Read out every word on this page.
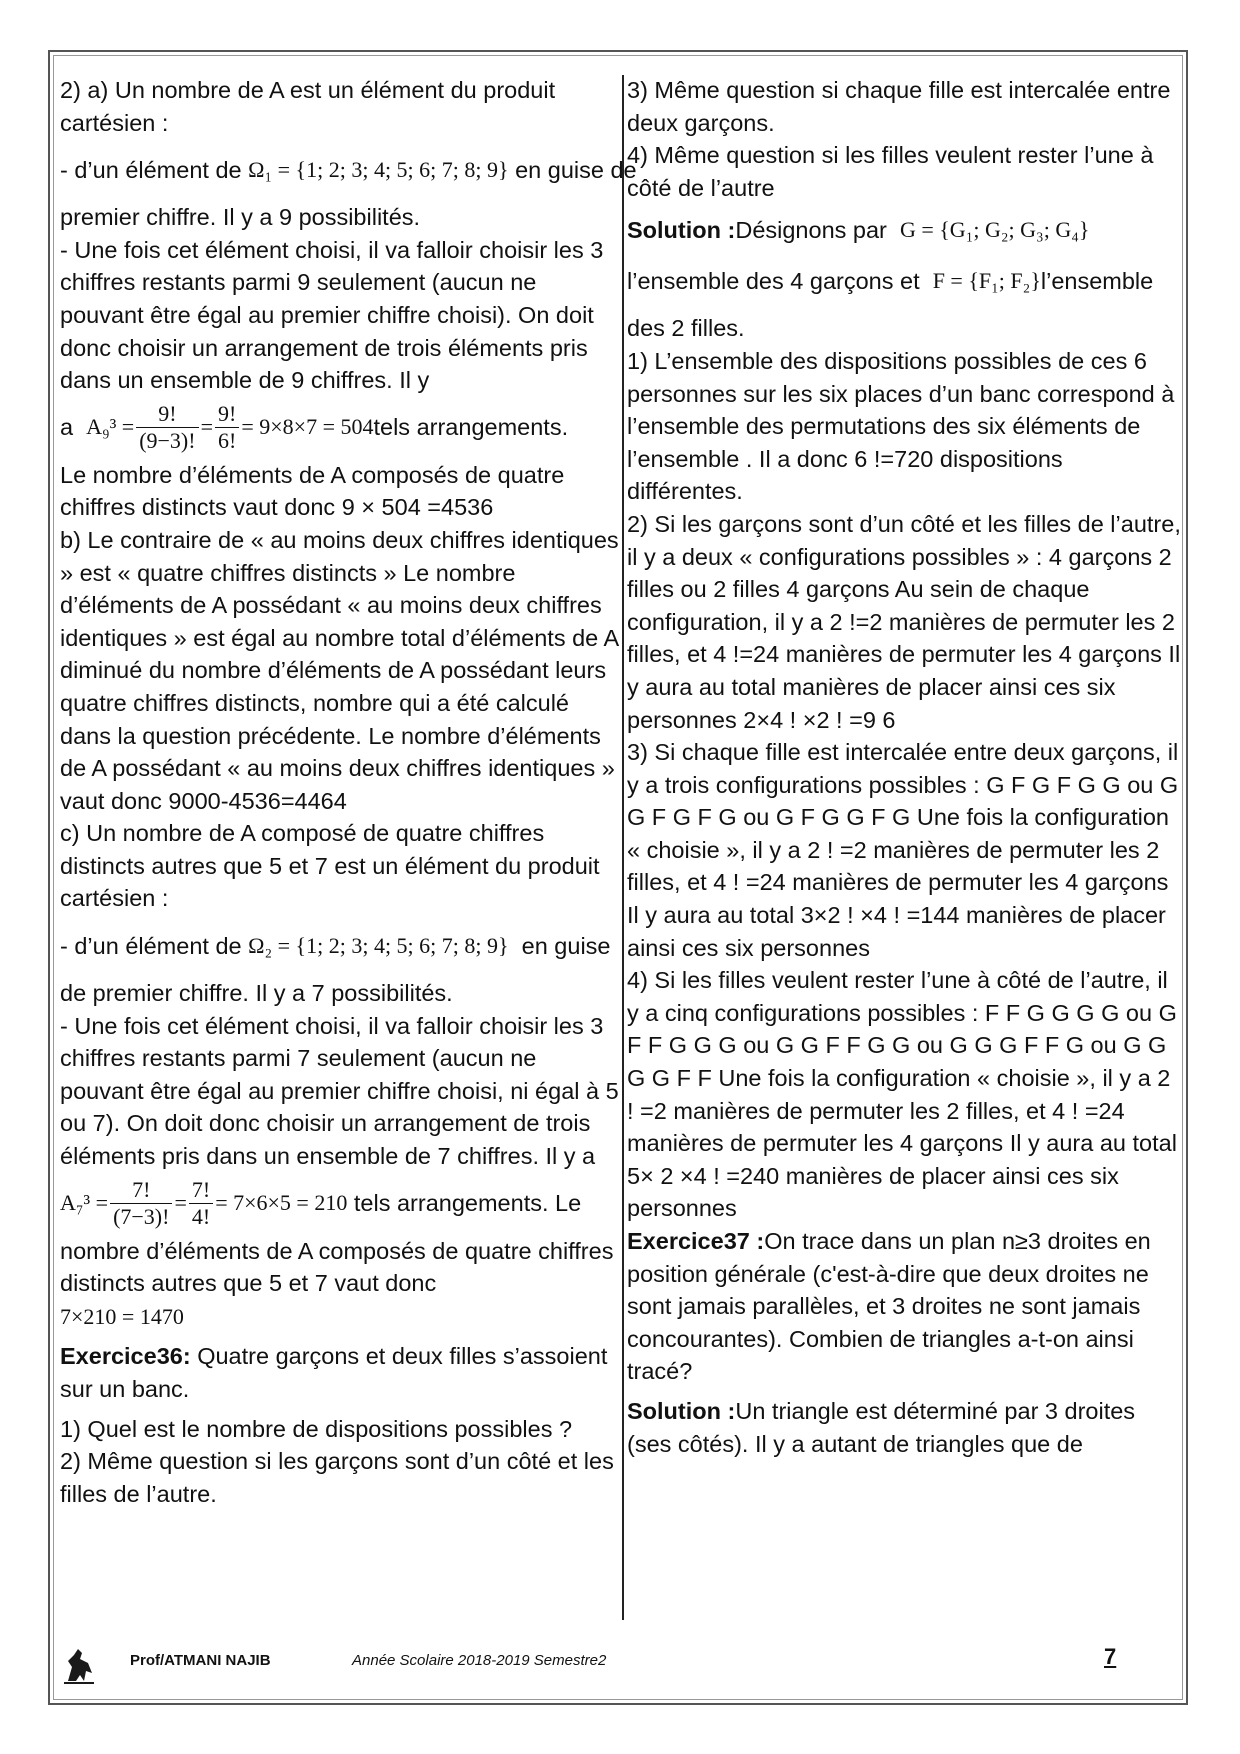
2) a) Un nombre de A est un élément du produit cartésien :

- d’un élément de
Ω₁ = {1; 2; 3; 4; 5; 6; 7; 8; 9}
en guise de

premier chiffre. Il y a 9 possibilités.

- Une fois cet élément choisi, il va falloir choisir les 3 chiffres restants parmi 9 seulement (aucun ne pouvant être égal au premier chiffre choisi). On doit donc choisir un arrangement de trois éléments pris dans un ensemble de 9 chiffres. Il y

a
$A_9^3 = \frac{9!}{(9-3)!} = \frac{9!}{6!} = 9\times 8\times 7 = 504$ tels arrangements.

Le nombre d’éléments de A composés de quatre chiffres distincts vaut donc 9 × 504 =4536

b) Le contraire de « au moins deux chiffres identiques » est « quatre chiffres distincts » Le nombre d’éléments de A possédant « au moins deux chiffres identiques » est égal au nombre total d’éléments de A diminué du nombre d’éléments de A possédant leurs quatre chiffres distincts, nombre qui a été calculé dans la question précédente. Le nombre d’éléments de A possédant « au moins deux chiffres identiques » vaut donc 9000-4536=4464

c) Un nombre de A composé de quatre chiffres distincts autres que 5 et 7 est un élément du produit cartésien :

- d’un élément de
Ω₂ = {1; 2; 3; 4; 5; 6; 7; 8; 9}
en guise

de premier chiffre. Il y a 7 possibilités.

- Une fois cet élément choisi, il va falloir choisir les 3 chiffres restants parmi 7 seulement (aucun ne pouvant être égal au premier chiffre choisi, ni égal à 5 ou 7). On doit donc choisir un arrangement de trois éléments pris dans un ensemble de 7 chiffres. Il y a

$A_7^3 = \frac{7!}{(7-3)!} = \frac{7!}{4!} = 7\times 6\times 5 = 210$
tels arrangements. Le

nombre d’éléments de A composés de quatre chiffres distincts autres que 5 et 7 vaut donc
7×210 = 1470

Exercice36: Quatre garçons et deux filles s’assoient sur un banc.

1) Quel est le nombre de dispositions possibles ?

2) Même question si les garçons sont d’un côté et les filles de l’autre.

3) Même question si chaque fille est intercalée entre deux garçons.

4) Même question si les filles veulent rester l’une à côté de l’autre

Solution : Désignons par
G = {G₁; G₂; G₃; G₄}
l’ensemble des 4 garçons et
F = {F₁; F₂} l’ensemble

des 2 filles.

1) L’ensemble des dispositions possibles de ces 6 personnes sur les six places d’un banc correspond à l’ensemble des permutations des six éléments de l’ensemble . Il a donc 6 !=720 dispositions différentes.

2) Si les garçons sont d’un côté et les filles de l’autre, il y a deux « configurations possibles » : 4 garçons 2 filles ou 2 filles 4 garçons Au sein de chaque configuration, il y a 2 !=2 manières de permuter les 2 filles, et 4 !=24 manières de permuter les 4 garçons Il y aura au total manières de placer ainsi ces six personnes 2×4 ! ×2 ! =9 6

3) Si chaque fille est intercalée entre deux garçons, il y a trois configurations possibles : G F G F G G ou G G F G F G ou G F G G F G Une fois la configuration « choisie », il y a 2 ! =2 manières de permuter les 2 filles, et 4 ! =24 manières de permuter les 4 garçons Il y aura au total 3×2 ! ×4 ! =144 manières de placer ainsi ces six personnes

4) Si les filles veulent rester l’une à côté de l’autre, il y a cinq configurations possibles : F F G G G G ou G F F G G G ou G G F F G G ou G G G F F G ou G G G G F F Une fois la configuration « choisie », il y a 2 ! =2 manières de permuter les 2 filles, et 4 ! =24 manières de permuter les 4 garçons Il y aura au total 5× 2 ×4 ! =240 manières de placer ainsi ces six personnes

Exercice37 :On trace dans un plan n≥3 droites en position générale (c'est-à-dire que deux droites ne sont jamais parallèles, et 3 droites ne sont jamais concourantes). Combien de triangles a-t-on ainsi tracé?

Solution :Un triangle est déterminé par 3 droites (ses côtés). Il y a autant de triangles que de

Prof/ATMANI NAJIB	Année Scolaire 2018-2019 Semestre2	7
